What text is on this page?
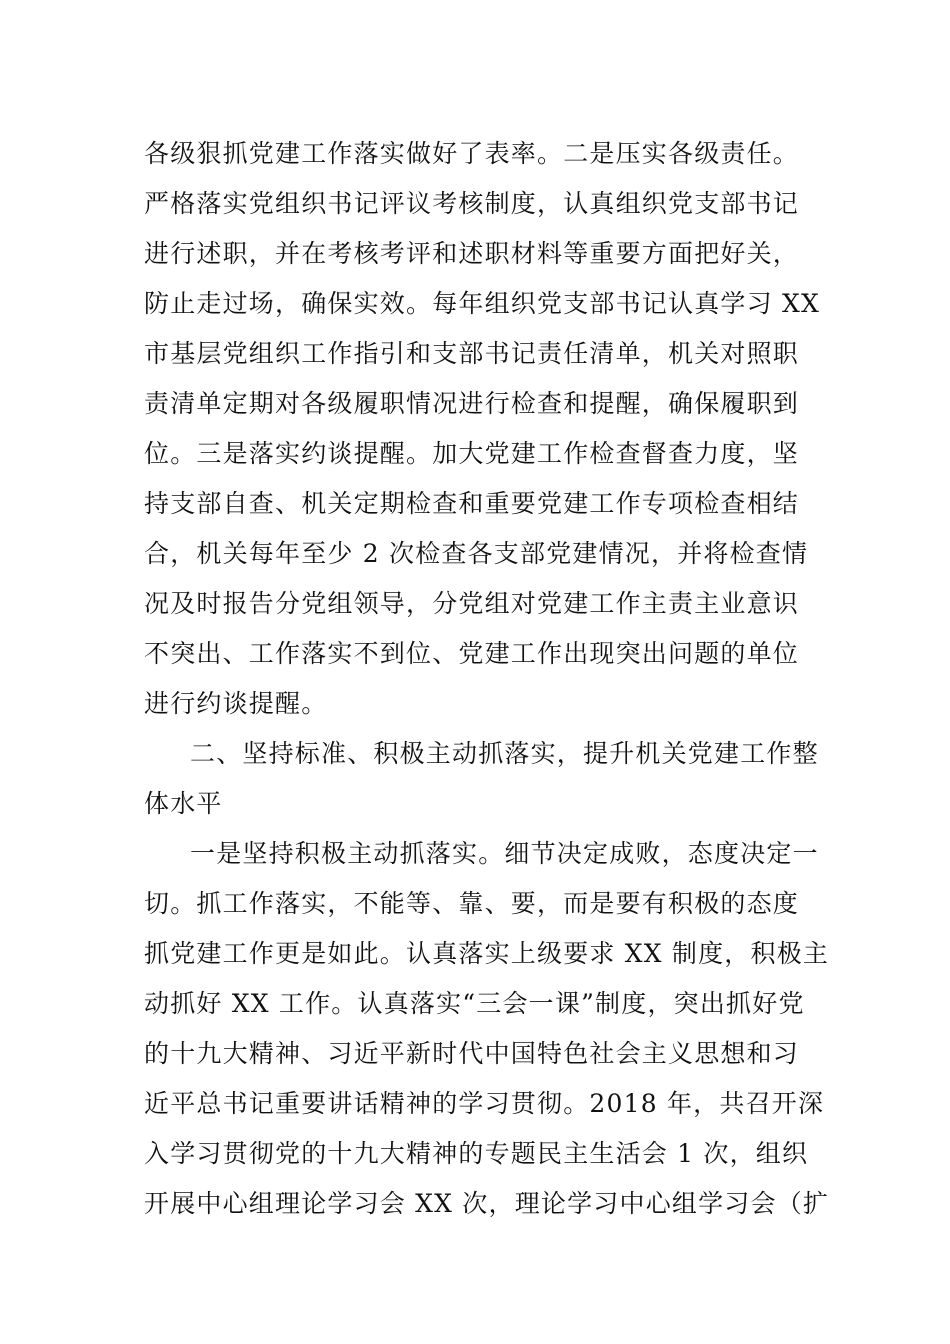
各级狠抓党建工作落实做好了表率。二是压实各级责任。
严格落实党组织书记评议考核制度，认真组织党支部书记
进行述职，并在考核考评和述职材料等重要方面把好关，
防止走过场，确保实效。每年组织党支部书记认真学习 XX
市基层党组织工作指引和支部书记责任清单，机关对照职
责清单定期对各级履职情况进行检查和提醒，确保履职到
位。三是落实约谈提醒。加大党建工作检查督查力度，坚
持支部自查、机关定期检查和重要党建工作专项检查相结
合，机关每年至少 2 次检查各支部党建情况，并将检查情
况及时报告分党组领导，分党组对党建工作主责主业意识
不突出、工作落实不到位、党建工作出现突出问题的单位
进行约谈提醒。
二、坚持标准、积极主动抓落实，提升机关党建工作整
体水平
一是坚持积极主动抓落实。细节决定成败，态度决定一
切。抓工作落实，不能等、靠、要，而是要有积极的态度
抓党建工作更是如此。认真落实上级要求 XX 制度，积极主
动抓好 XX 工作。认真落实“三会一课”制度，突出抓好党
的十九大精神、习近平新时代中国特色社会主义思想和习
近平总书记重要讲话精神的学习贯彻。2018 年，共召开深
入学习贯彻党的十九大精神的专题民主生活会 1 次，组织
开展中心组理论学习会 XX 次，理论学习中心组学习会（扩
